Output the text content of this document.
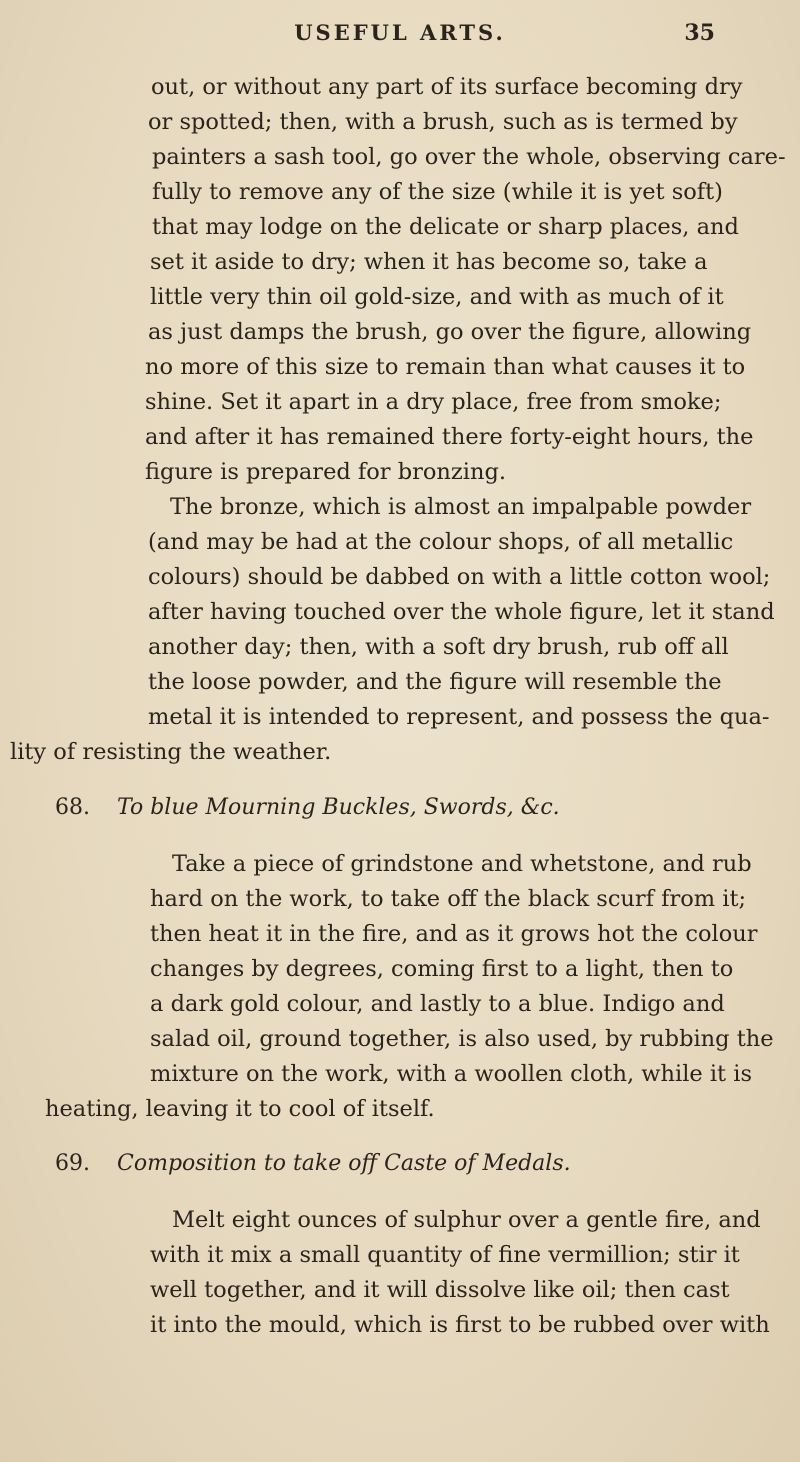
USEFUL ARTS.	35

out, or without any part of its surface becoming dry

or spotted; then, with a brush, such as is termed by

painters a sash tool, go over the whole, observing care-

fully to remove any of the size (while it is yet soft)

that may lodge on the delicate or sharp places, and

set it aside to dry; when it has become so, take a

little very thin oil gold-size, and with as much of it

as just damps the brush, go over the figure, allowing

no more of this size to remain than what causes it to

shine. Set it apart in a dry place, free from smoke;

and after it has remained there forty-eight hours, the

figure is prepared for bronzing.

The bronze, which is almost an impalpable powder

(and may be had at the colour shops, of all metallic

colours) should be dabbed on with a little cotton wool;

after having touched over the whole figure, let it stand

another day; then, with a soft dry brush, rub off all

the loose powder, and the figure will resemble the

metal it is intended to represent, and possess the qua-

lity of resisting the weather.

68. To blue Mourning Buckles, Swords, &c.

Take a piece of grindstone and whetstone, and rub

hard on the work, to take off the black scurf from it;

then heat it in the fire, and as it grows hot the colour

changes by degrees, coming first to a light, then to

a dark gold colour, and lastly to a blue. Indigo and

salad oil, ground together, is also used, by rubbing the

mixture on the work, with a woollen cloth, while it is

heating, leaving it to cool of itself.

69. Composition to take off Caste of Medals.

Melt eight ounces of sulphur over a gentle fire, and

with it mix a small quantity of fine vermillion; stir it

well together, and it will dissolve like oil; then cast

it into the mould, which is first to be rubbed over with
